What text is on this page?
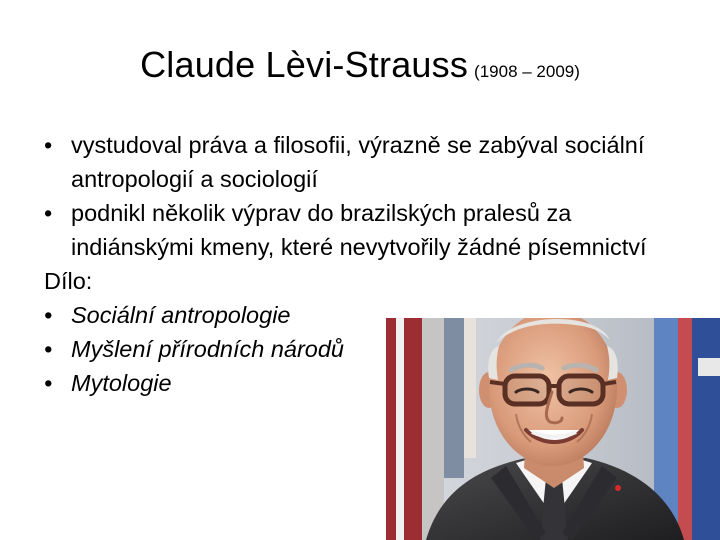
Claude Lèvi-Strauss (1908 – 2009)
• vystudoval práva a filosofii, výrazně se zabýval sociální antropologií a sociologií
• podnikl několik výprav do brazilských pralesů za indiánskými kmeny, které nevytvořily žádné písemnictví
Dílo:
• Sociální antropologie
• Myšlení přírodních národů
• Mytologie
